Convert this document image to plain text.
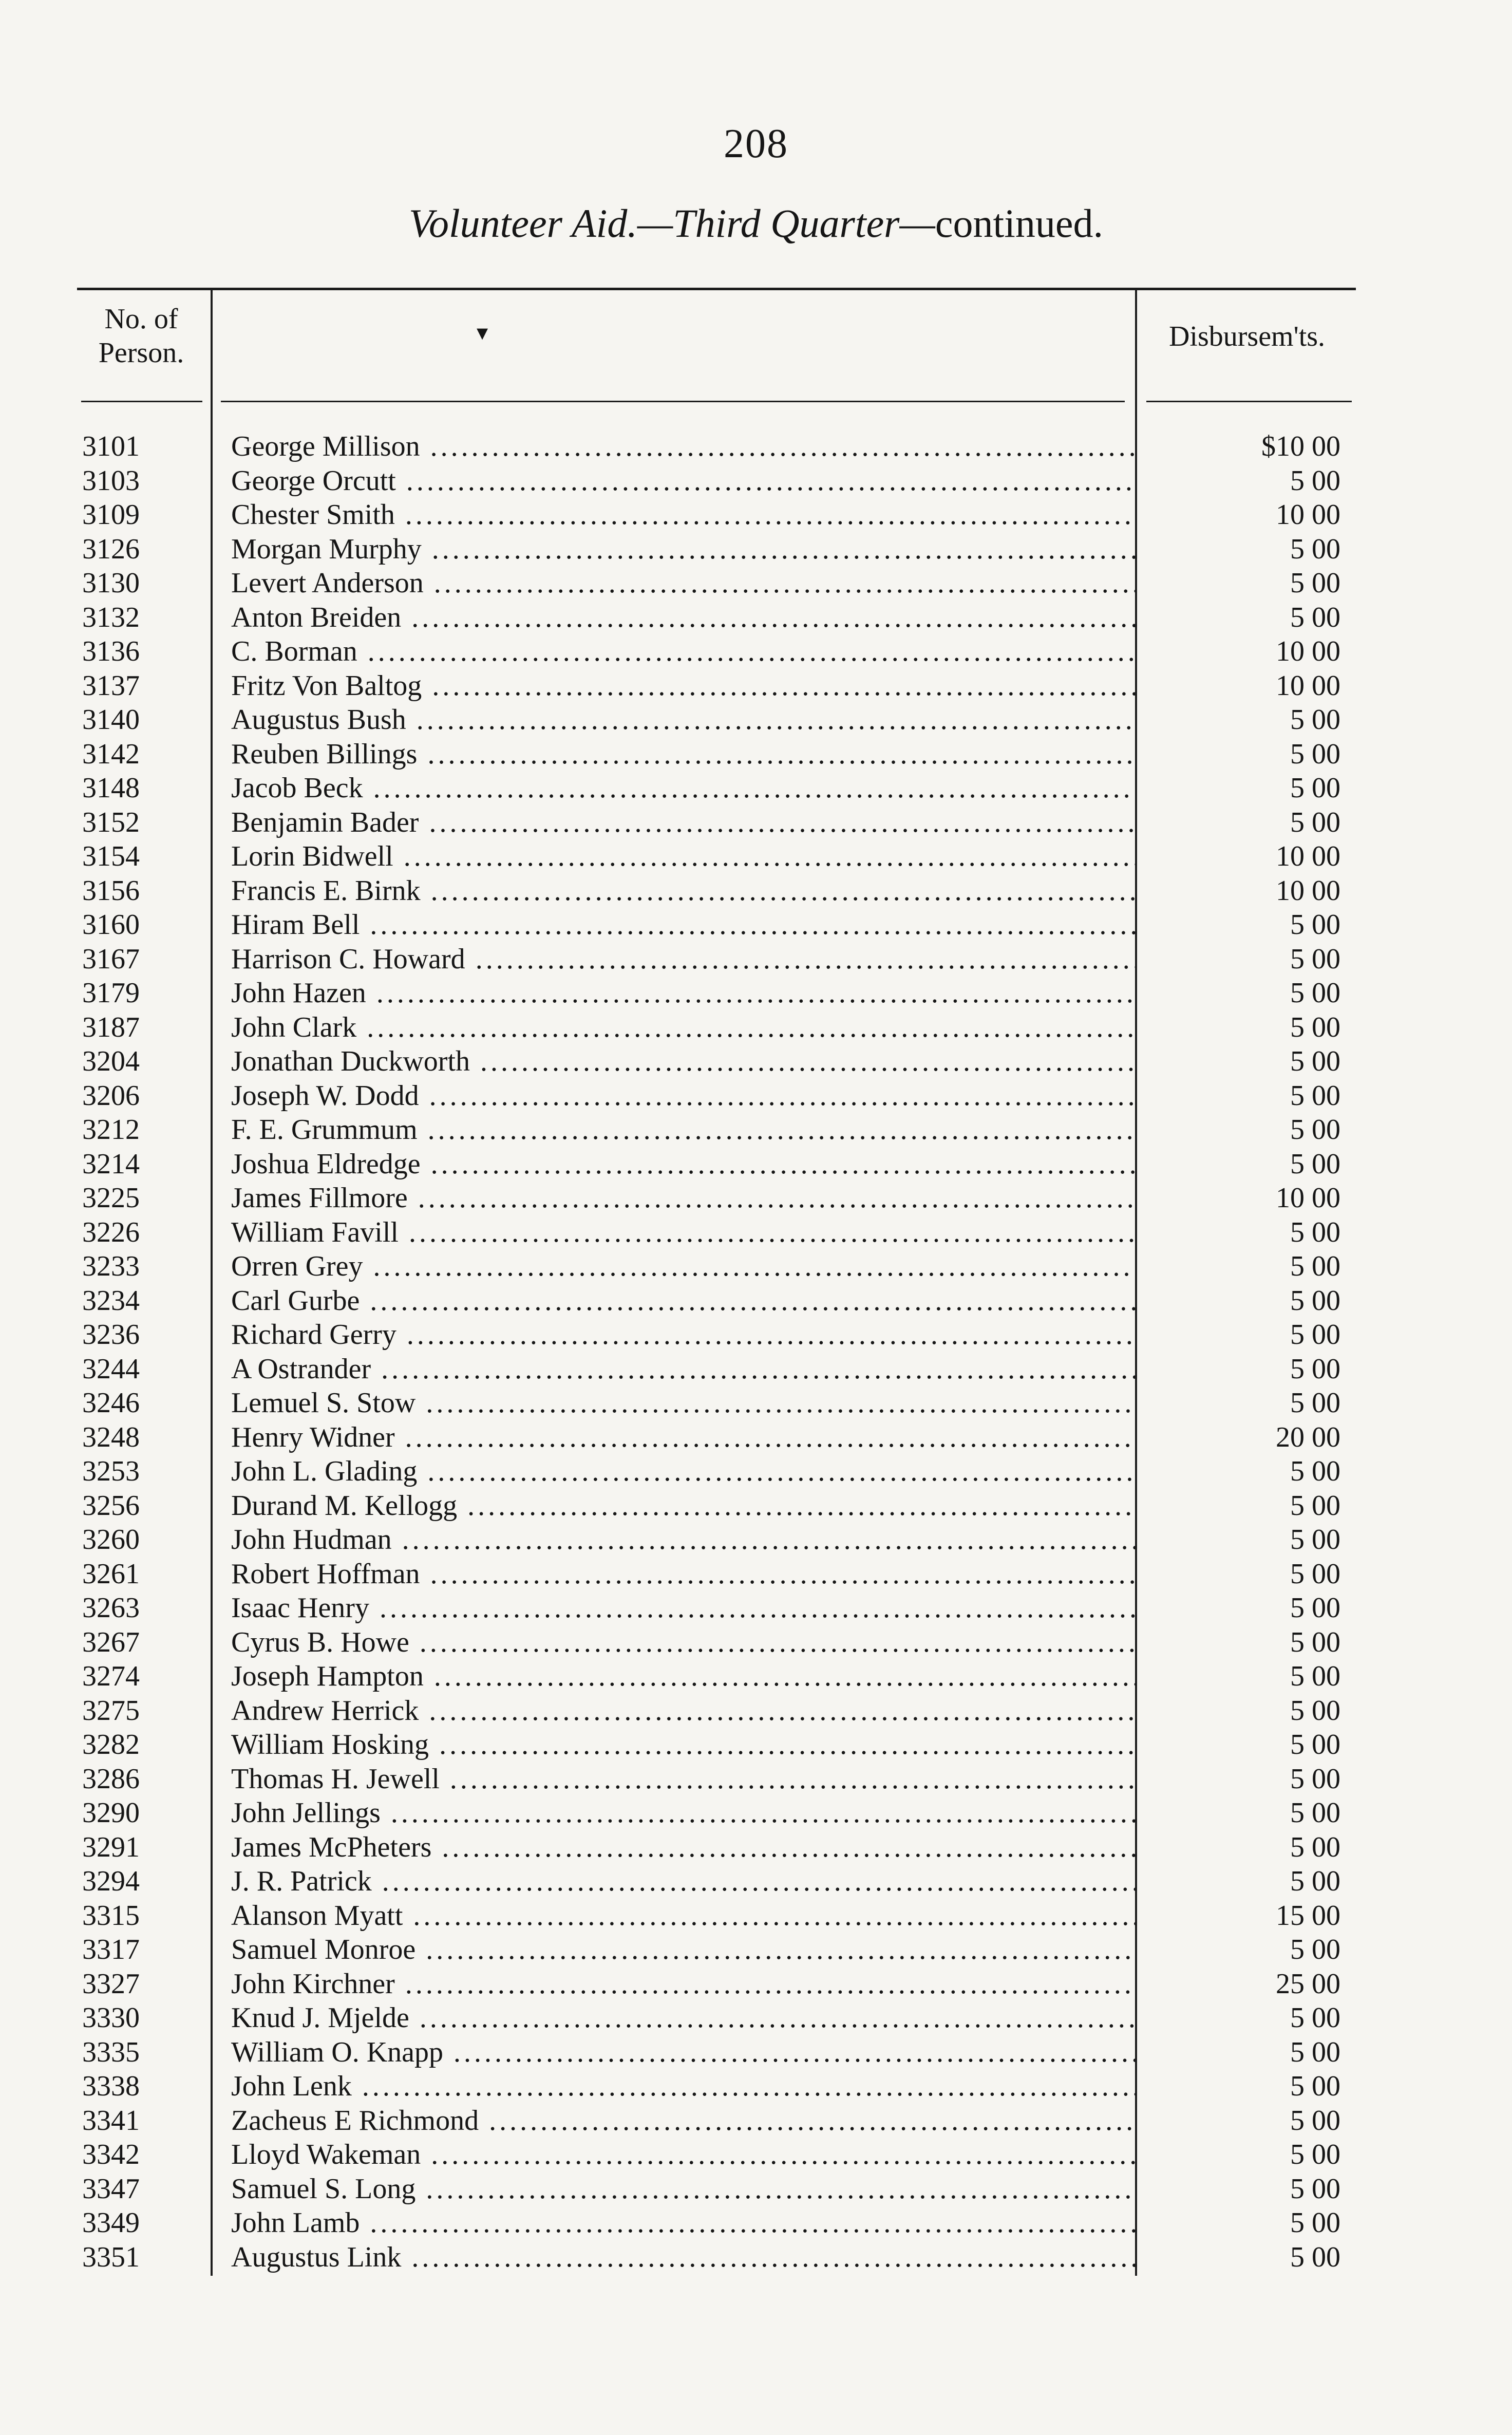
208
Volunteer Aid.—Third Quarter—continued.
No. of
Person.
▾	Disbursem'ts.
3101	George Millison .....	$10 00
3103	George Orcutt .....	5 00
3109	Chester Smith .....	10 00
3126	Morgan Murphy .....	5 00
3130	Levert Anderson .....	5 00
3132	Anton Breiden .....	5 00
3136	C. Borman .....	10 00
3137	Fritz Von Baltog .....	10 00
3140	Augustus Bush .....	5 00
3142	Reuben Billings .....	5 00
3148	Jacob Beck .....	5 00
3152	Benjamin Bader .....	5 00
3154	Lorin Bidwell .....	10 00
3156	Francis E. Birnk .....	10 00
3160	Hiram Bell .....	5 00
3167	Harrison C. Howard .....	5 00
3179	John Hazen .....	5 00
3187	John Clark .....	5 00
3204	Jonathan Duckworth .....	5 00
3206	Joseph W. Dodd .....	5 00
3212	F. E. Grummum .....	5 00
3214	Joshua Eldredge .....	5 00
3225	James Fillmore .....	10 00
3226	William Favill .....	5 00
3233	Orren Grey .....	5 00
3234	Carl Gurbe .....	5 00
3236	Richard Gerry .....	5 00
3244	A Ostrander .....	5 00
3246	Lemuel S. Stow .....	5 00
3248	Henry Widner .....	20 00
3253	John L. Glading .....	5 00
3256	Durand M. Kellogg .....	5 00
3260	John Hudman .....	5 00
3261	Robert Hoffman .....	5 00
3263	Isaac Henry .....	5 00
3267	Cyrus B. Howe .....	5 00
3274	Joseph Hampton .....	5 00
3275	Andrew Herrick .....	5 00
3282	William Hosking .....	5 00
3286	Thomas H. Jewell .....	5 00
3290	John Jellings .....	5 00
3291	James McPheters .....	5 00
3294	J. R. Patrick .....	5 00
3315	Alanson Myatt .....	15 00
3317	Samuel Monroe .....	5 00
3327	John Kirchner .....	25 00
3330	Knud J. Mjelde .....	5 00
3335	William O. Knapp .....	5 00
3338	John Lenk .....	5 00
3341	Zacheus E Richmond .....	5 00
3342	Lloyd Wakeman .....	5 00
3347	Samuel S. Long .....	5 00
3349	John Lamb .....	5 00
3351	Augustus Link .....	5 00
